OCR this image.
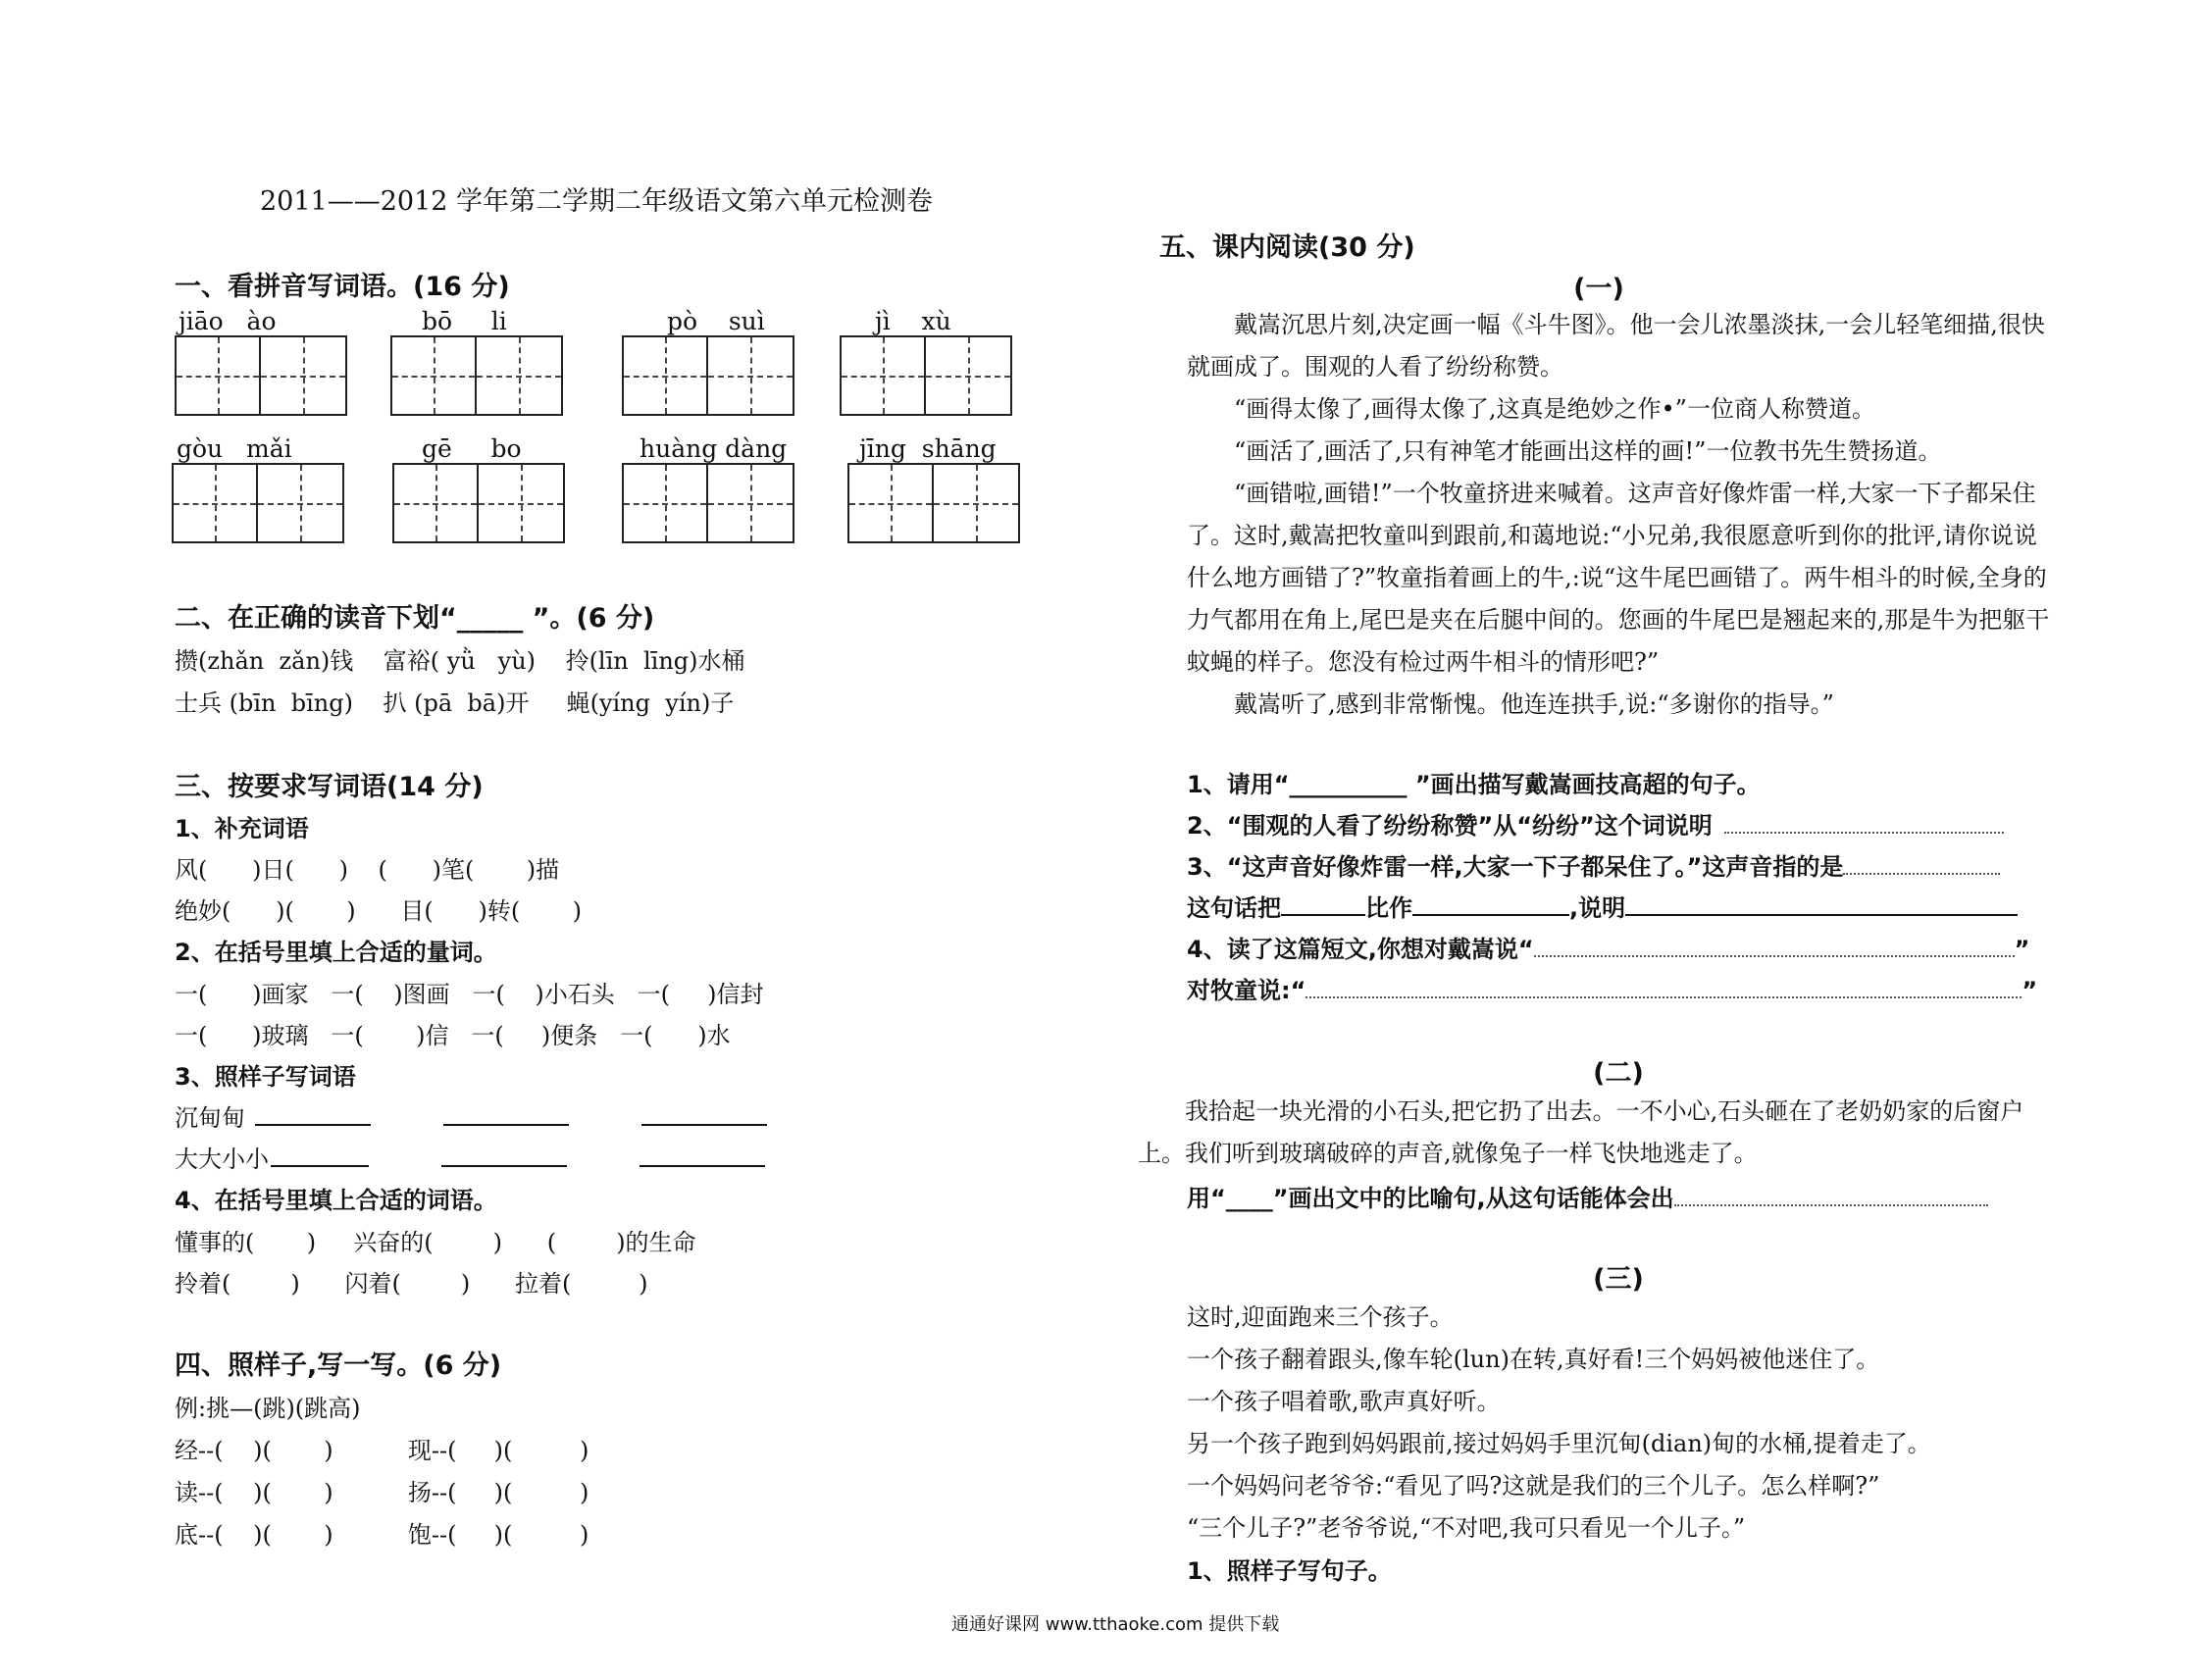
2011——2012 学年第二学期二年级语文第六单元检测卷
一、看拼音写词语。(16 分)
jiāo   ào	bō     li	pò    suì	jì    xù
gòu   mǎi	gē     bo	huàng dàng	jīng  shāng
二、在正确的读音下划“_____ ”。(6 分)
攒(zhǎn  zǎn)钱    富裕( yǜ   yù)    拎(līn  līng)水桶
士兵 (bīn  bīng)    扒 (pā  bā)开     蝇(yíng  yín)子
三、按要求写词语(14 分)
1、补充词语
风(      )日(      )    (      )笔(       )描
绝妙(      )(       )      目(      )转(       )
2、在括号里填上合适的量词。
一(      )画家   一(    )图画   一(    )小石头   一(     )信封
一(      )玻璃   一(       )信   一(     )便条   一(      )水
3、照样子写词语
沉甸甸
大大小小
4、在括号里填上合适的词语。
懂事的(       )     兴奋的(        )      (        )的生命
拎着(        )      闪着(        )      拉着(         )
四、照样子,写一写。(6 分)
例:挑—(跳)(跳高)
经--(    )(       )          现--(     )(         )
读--(    )(       )          扬--(     )(         )
底--(    )(       )          饱--(     )(         )
五、课内阅读(30 分)
(一)
　　戴嵩沉思片刻,决定画一幅《斗牛图》。他一会儿浓墨淡抹,一会儿轻笔细描,很快就画成了。围观的人看了纷纷称赞。
　　“画得太像了,画得太像了,这真是绝妙之作•”一位商人称赞道。
　　“画活了,画活了,只有神笔才能画出这样的画!”一位教书先生赞扬道。
　　“画错啦,画错!”一个牧童挤进来喊着。这声音好像炸雷一样,大家一下子都呆住了。这时,戴嵩把牧童叫到跟前,和蔼地说:“小兄弟,我很愿意听到你的批评,请你说说什么地方画错了?”牧童指着画上的牛,:说“这牛尾巴画错了。两牛相斗的时候,全身的力气都用在角上,尾巴是夹在后腿中间的。您画的牛尾巴是翘起来的,那是牛为把躯干蚊蝇的样子。您没有检过两牛相斗的情形吧?”
　　戴嵩听了,感到非常惭愧。他连连拱手,说:“多谢你的指导。”
1、请用“__________ ”画出描写戴嵩画技高超的句子。
2、“围观的人看了纷纷称赞”从“纷纷”这个词说明
3、“这声音好像炸雷一样,大家一下子都呆住了。”这声音指的是
这句话把	比作	,说明
4、读了这篇短文,你想对戴嵩说“	”
对牧童说:“	”
(二)
　　我拾起一块光滑的小石头,把它扔了出去。一不小心,石头砸在了老奶奶家的后窗户上。我们听到玻璃破碎的声音,就像兔子一样飞快地逃走了。
用“____”画出文中的比喻句,从这句话能体会出
(三)
这时,迎面跑来三个孩子。
一个孩子翻着跟头,像车轮(lun)在转,真好看!三个妈妈被他迷住了。
一个孩子唱着歌,歌声真好听。
另一个孩子跑到妈妈跟前,接过妈妈手里沉甸(dian)甸的水桶,提着走了。
一个妈妈问老爷爷:“看见了吗?这就是我们的三个儿子。怎么样啊?”
“三个儿子?”老爷爷说,“不对吧,我可只看见一个儿子。”
1、照样子写句子。
通通好课网 www.tthaoke.com 提供下载
